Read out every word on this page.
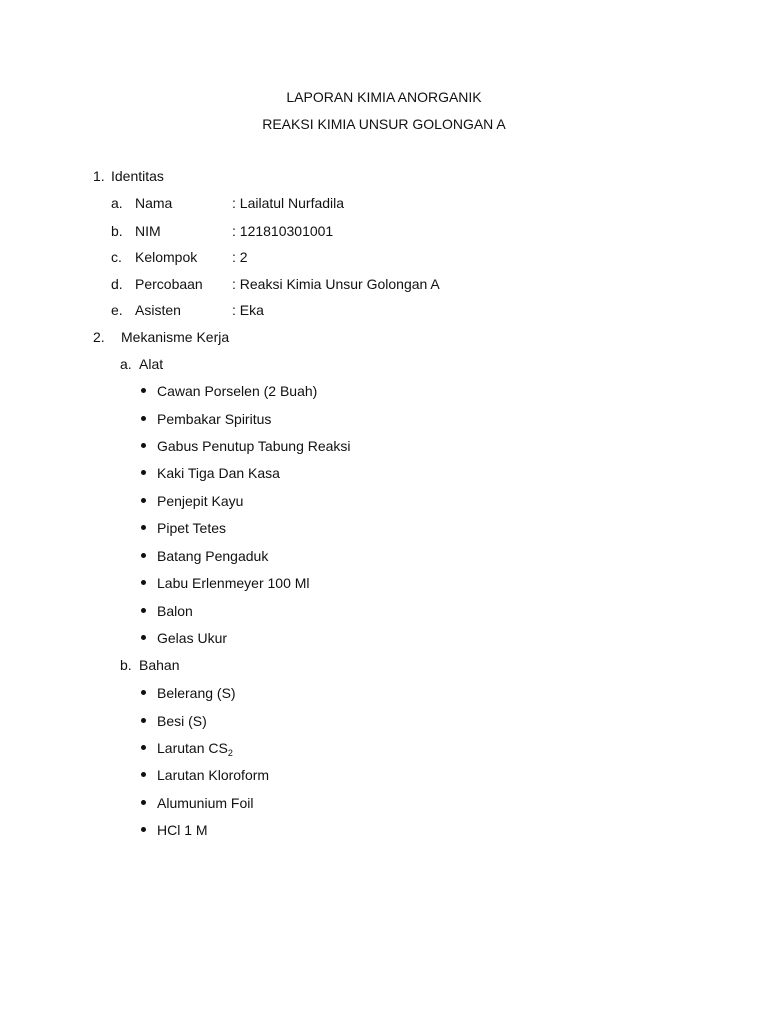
LAPORAN KIMIA ANORGANIK
REAKSI KIMIA UNSUR GOLONGAN A
1. Identitas
a. Nama	: Lailatul Nurfadila
b. NIM	: 121810301001
c. Kelompok : 2
d. Percobaan : Reaksi Kimia Unsur Golongan A
e. Asisten	: Eka
2. Mekanisme Kerja
a. Alat
Cawan Porselen (2 Buah)
Pembakar Spiritus
Gabus Penutup Tabung Reaksi
Kaki Tiga Dan Kasa
Penjepit Kayu
Pipet Tetes
Batang Pengaduk
Labu Erlenmeyer 100 Ml
Balon
Gelas Ukur
b. Bahan
Belerang (S)
Besi (S)
Larutan $CS_2$
Larutan Kloroform
Alumunium Foil
HCl 1 M
